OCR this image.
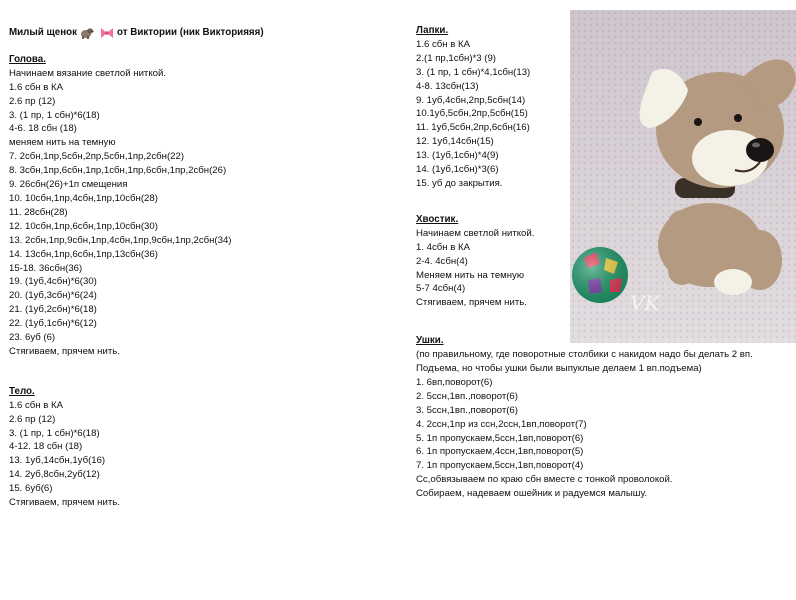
Милый щенок	от Виктории (ник Викторияяя)
Голова.
Начинаем вязание светлой ниткой.
1.6 сбн в КА
2.6 пр (12)
3. (1 пр, 1 сбн)*6(18)
4-6. 18 сбн (18)
меняем нить на темную
7. 2сбн,1пр,5сбн,2пр,5сбн,1пр,2сбн(22)
8. 3сбн,1пр,6сбн,1пр,1сбн,1пр,6сбн,1пр,2сбн(26)
9. 26сбн(26)+1п смещения
10. 10сбн,1пр,4сбн,1пр,10сбн(28)
11. 28сбн(28)
12. 10сбн,1пр,6сбн,1пр,10сбн(30)
13. 2сбн,1пр,9сбн,1пр,4сбн,1пр,9сбн,1пр,2сбн(34)
14. 13сбн,1пр,6сбн,1пр,13сбн(36)
15-18. 36сбн(36)
19. (1уб,4сбн)*6(30)
20. (1уб,3сбн)*6(24)
21. (1уб,2сбн)*6(18)
22. (1уб,1сбн)*6(12)
23. 6уб (6)
Стягиваем, прячем нить.
Тело.
1.6 сбн в КА
2.6 пр (12)
3. (1 пр, 1 сбн)*6(18)
4-12. 18 сбн (18)
13. 1уб,14сбн,1уб(16)
14. 2уб,8сбн,2уб(12)
15. 6уб(6)
Стягиваем, прячем нить.
Лапки.
1.6 сбн в КА
2.(1 пр,1сбн)*3 (9)
3. (1 пр, 1 сбн)*4,1сбн(13)
4-8. 13сбн(13)
9. 1уб,4сбн,2пр,5сбн(14)
10.1уб,5сбн,2пр,5сбн(15)
11. 1уб,5сбн,2пр,6сбн(16)
12. 1уб,14сбн(15)
13. (1уб,1сбн)*4(9)
14. (1уб,1сбн)*3(6)
15. уб до закрытия.
Хвостик.
Начинаем светлой ниткой.
1. 4сбн в КА
2-4. 4сбн(4)
Меняем нить на темную
5-7 4сбн(4)
Стягиваем, прячем нить.
Ушки.
(по правильному, где поворотные столбики с накидом надо бы делать 2 вп. Подъема, но чтобы ушки были выпуклые делаем 1 вп.подъема)
1. 6вп,поворот(6)
2. 5ссн,1вп.,поворот(6)
3. 5ссн,1вп.,поворот(6)
4. 2ссн,1пр из ссн,2ссн,1вп,поворот(7)
5. 1п пропускаем,5ссн,1вп,поворот(6)
6. 1п пропускаем,4ссн,1вп,поворот(5)
7. 1п пропускаем,5ссн,1вп,поворот(4)
Сс,обвязываем по краю сбн вместе с тонкой проволокой.
Собираем, надеваем ошейник и радуемся малышу.
VK
